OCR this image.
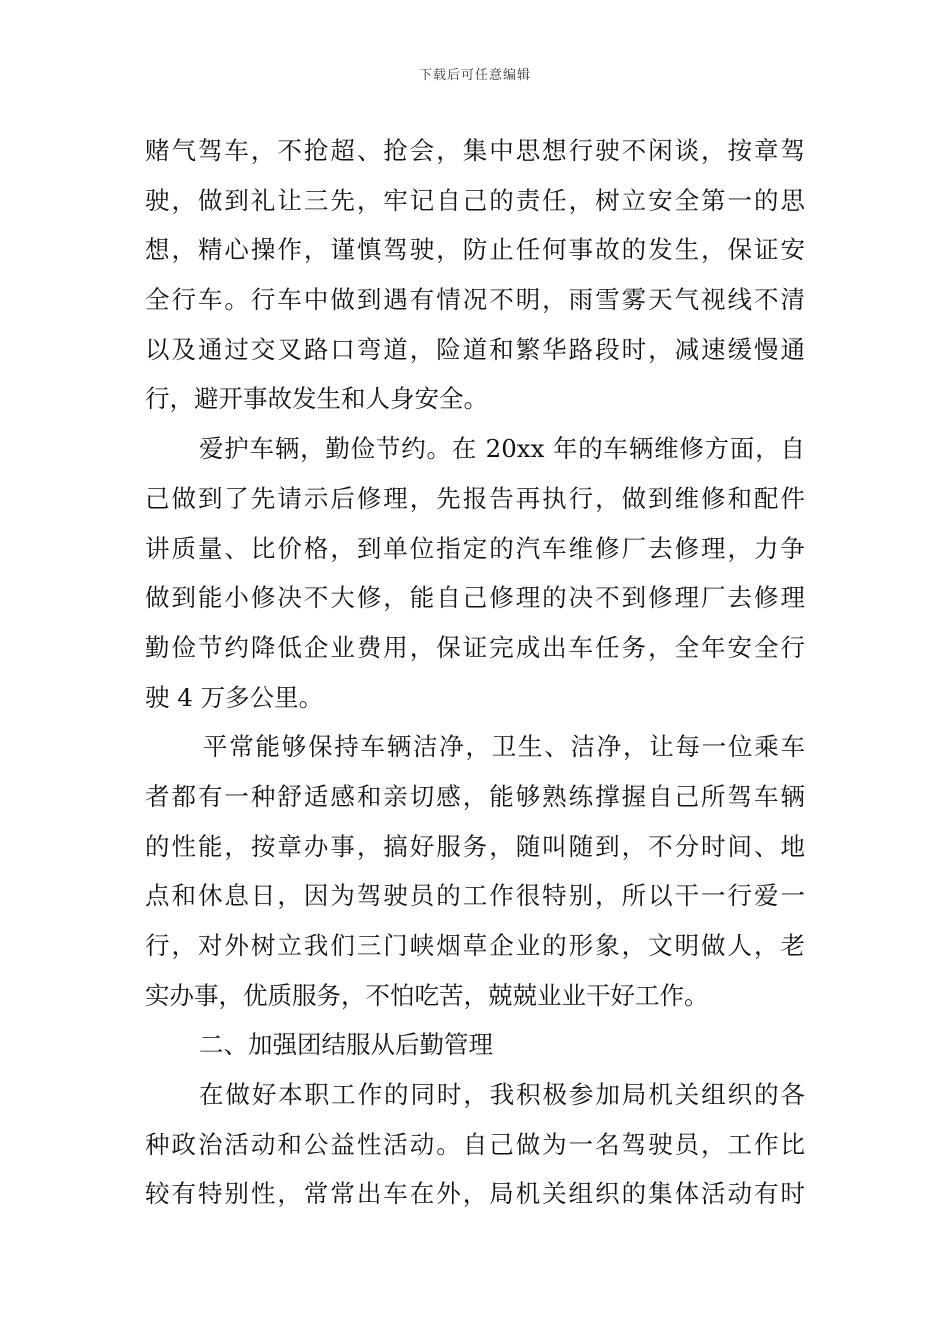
下载后可任意编辑
赌气驾车，不抢超、抢会，集中思想行驶不闲谈，按章驾
驶，做到礼让三先，牢记自己的责任，树立安全第一的思
想，精心操作，谨慎驾驶，防止任何事故的发生，保证安
全行车。行车中做到遇有情况不明，雨雪雾天气视线不清
以及通过交叉路口弯道，险道和繁华路段时，减速缓慢通
行，避开事故发生和人身安全。
爱护车辆，勤俭节约。在 20xx 年的车辆维修方面，自
己做到了先请示后修理，先报告再执行，做到维修和配件
讲质量、比价格，到单位指定的汽车维修厂去修理，力争
做到能小修决不大修，能自己修理的决不到修理厂去修理
勤俭节约降低企业费用，保证完成出车任务，全年安全行
驶 4 万多公里。
平常能够保持车辆洁净，卫生、洁净，让每一位乘车
者都有一种舒适感和亲切感，能够熟练撑握自己所驾车辆
的性能，按章办事，搞好服务，随叫随到，不分时间、地
点和休息日，因为驾驶员的工作很特别，所以干一行爱一
行，对外树立我们三门峡烟草企业的形象，文明做人，老
实办事，优质服务，不怕吃苦，兢兢业业干好工作。
二、加强团结服从后勤管理
在做好本职工作的同时，我积极参加局机关组织的各
种政治活动和公益性活动。自己做为一名驾驶员，工作比
较有特别性，常常出车在外，局机关组织的集体活动有时
